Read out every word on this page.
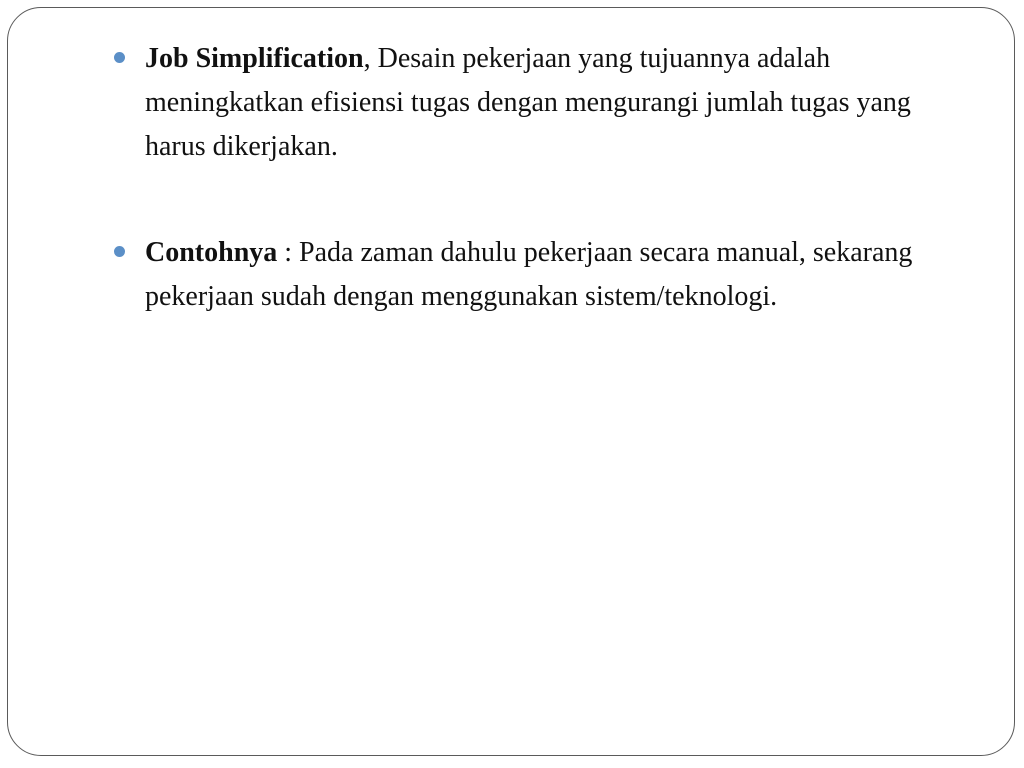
Job Simplification, Desain pekerjaan yang tujuannya adalah meningkatkan efisiensi tugas dengan mengurangi jumlah tugas yang harus dikerjakan.
Contohnya : Pada zaman dahulu pekerjaan secara manual, sekarang pekerjaan sudah dengan menggunakan sistem/teknologi.
